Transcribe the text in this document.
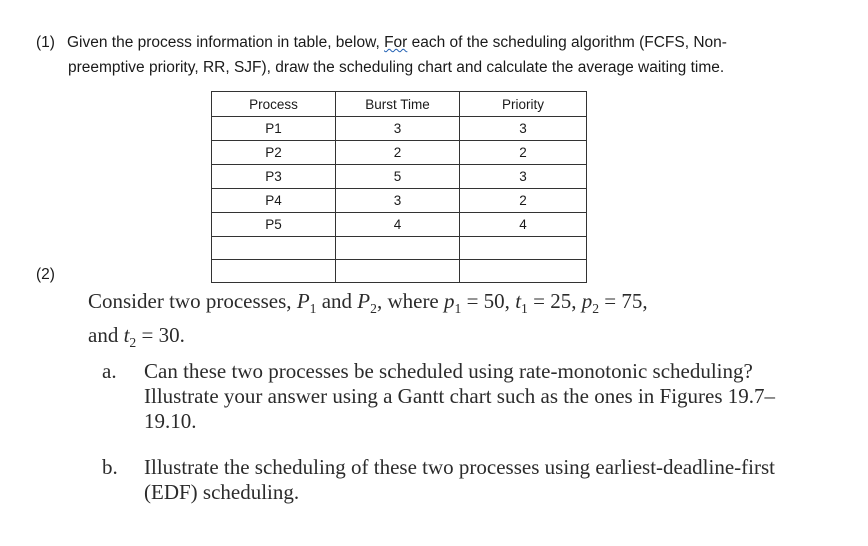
(1) Given the process information in table, below, For each of the scheduling algorithm (FCFS, Non-
preemptive priority, RR, SJF), draw the scheduling chart and calculate the average waiting time.
Process	Burst Time	Priority
P1	3	3
P2	2	2
P3	5	3
P4	3	2
P5	4	4

(2)
Consider two processes, $P_1$ and $P_2$, where $p_1 = 50$, $t_1 = 25$, $p_2 = 75$,
and $t_2 = 30$.
a. Can these two processes be scheduled using rate-monotonic scheduling? Illustrate your answer using a Gantt chart such as the ones in Figures 19.7–19.10.
b. Illustrate the scheduling of these two processes using earliest-deadline-first (EDF) scheduling.
